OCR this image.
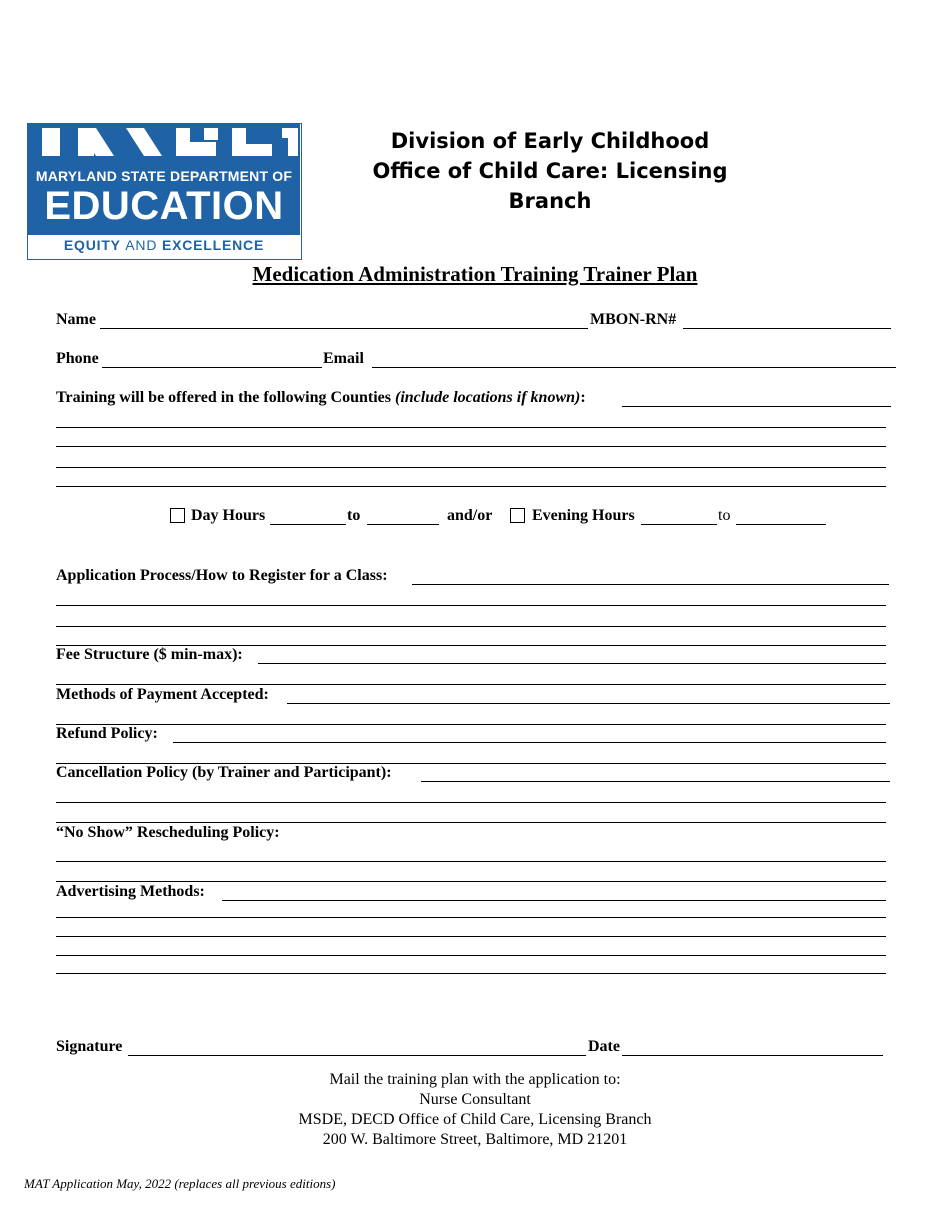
MARYLAND STATE DEPARTMENT OF
EDUCATION
EQUITY AND EXCELLENCE
Division of Early Childhood
Office of Child Care: Licensing Branch
Medication Administration Training Trainer Plan
Name	MBON-RN#
Phone	Email
Training will be offered in the following Counties (include locations if known):
Day Hours	to	and/or Evening Hours	to
Application Process/How to Register for a Class:
Fee Structure ($ min-max):
Methods of Payment Accepted:
Refund Policy:
Cancellation Policy (by Trainer and Participant):
“No Show” Rescheduling Policy:
Advertising Methods:
Signature	Date
Mail the training plan with the application to:
Nurse Consultant
MSDE, DECD Office of Child Care, Licensing Branch
200 W. Baltimore Street, Baltimore, MD 21201
MAT Application May, 2022 (replaces all previous editions)
